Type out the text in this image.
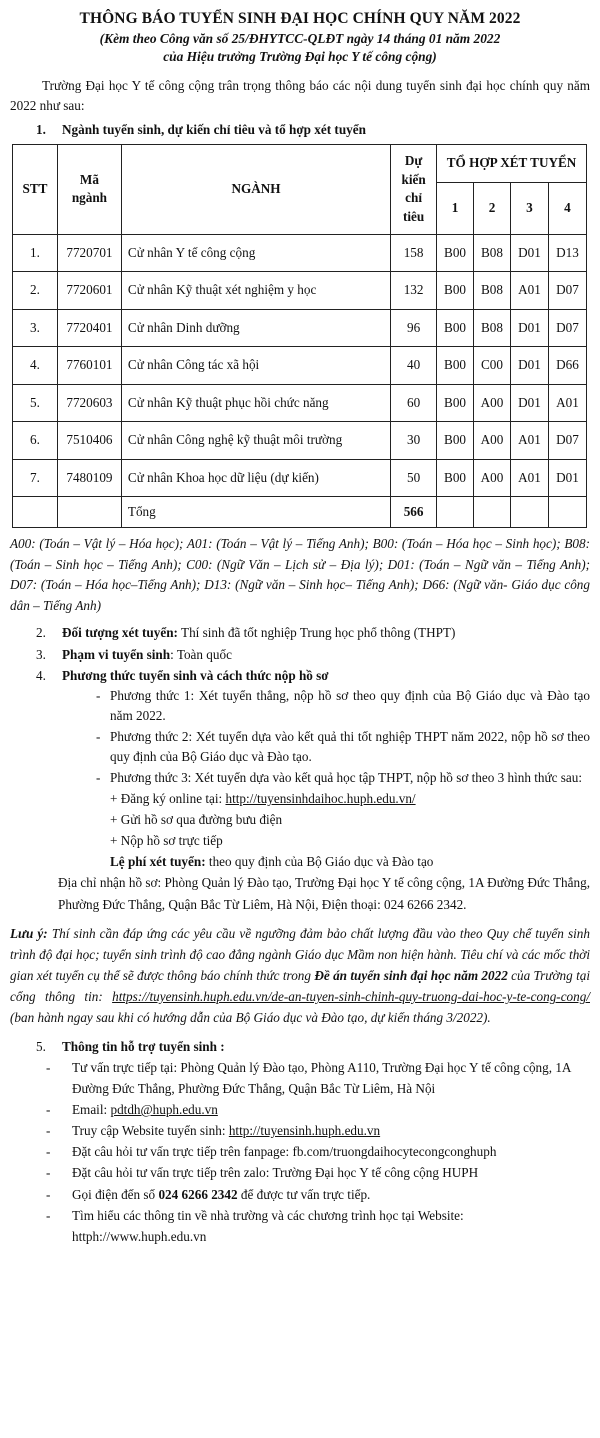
THÔNG BÁO TUYỂN SINH ĐẠI HỌC CHÍNH QUY NĂM 2022
(Kèm theo Công văn số 25/ĐHYTCC-QLĐT ngày 14 tháng 01 năm 2022
của Hiệu trưởng Trường Đại học Y tế công cộng)
Trường Đại học Y tế công cộng trân trọng thông báo các nội dung tuyển sinh đại học chính quy năm 2022 như sau:
1. Ngành tuyển sinh, dự kiến chỉ tiêu và tổ hợp xét tuyển
STT	Mã ngành	NGÀNH	Dự kiến chỉ tiêu	TỔ HỢP XÉT TUYỂN			
				1	2	3	4
1.	7720701	Cử nhân Y tế công cộng	158	B00	B08	D01	D13
2.	7720601	Cử nhân Kỹ thuật xét nghiệm y học	132	B00	B08	A01	D07
3.	7720401	Cử nhân Dinh dưỡng	96	B00	B08	D01	D07
4.	7760101	Cử nhân Công tác xã hội	40	B00	C00	D01	D66
5.	7720603	Cử nhân Kỹ thuật phục hồi chức năng	60	B00	A00	D01	A01
6.	7510406	Cử nhân Công nghệ kỹ thuật môi trường	30	B00	A00	A01	D07
7.	7480109	Cử nhân Khoa học dữ liệu (dự kiến)	50	B00	A00	A01	D01
		Tổng	566				
A00: (Toán – Vật lý – Hóa học); A01: (Toán – Vật lý – Tiếng Anh); B00: (Toán – Hóa học – Sinh học); B08: (Toán – Sinh học – Tiếng Anh); C00: (Ngữ Văn – Lịch sử – Địa lý); D01: (Toán – Ngữ văn – Tiếng Anh); D07: (Toán – Hóa học–Tiếng Anh); D13: (Ngữ văn – Sinh học– Tiếng Anh); D66: (Ngữ văn- Giáo dục công dân – Tiếng Anh)
2. Đối tượng xét tuyển: Thí sinh đã tốt nghiệp Trung học phổ thông (THPT)
3. Phạm vi tuyển sinh: Toàn quốc
4. Phương thức tuyển sinh và cách thức nộp hồ sơ
- Phương thức 1: Xét tuyển thẳng, nộp hồ sơ theo quy định của Bộ Giáo dục và Đào tạo năm 2022.
- Phương thức 2: Xét tuyển dựa vào kết quả thi tốt nghiệp THPT năm 2022, nộp hồ sơ theo quy định của Bộ Giáo dục và Đào tạo.
- Phương thức 3: Xét tuyển dựa vào kết quả học tập THPT, nộp hồ sơ theo 3 hình thức sau:
+ Đăng ký online tại: http://tuyensinhdaihoc.huph.edu.vn/
+ Gửi hồ sơ qua đường bưu điện
+ Nộp hồ sơ trực tiếp
Lệ phí xét tuyển: theo quy định của Bộ Giáo dục và Đào tạo
Địa chỉ nhận hồ sơ: Phòng Quản lý Đào tạo, Trường Đại học Y tế công cộng, 1A Đường Đức Thắng, Phường Đức Thắng, Quận Bắc Từ Liêm, Hà Nội, Điện thoại: 024 6266 2342.
Lưu ý: Thí sinh cần đáp ứng các yêu cầu về ngưỡng đảm bảo chất lượng đầu vào theo Quy chế tuyển sinh trình độ đại học; tuyển sinh trình độ cao đẳng ngành Giáo dục Mầm non hiện hành. Tiêu chí và các mốc thời gian xét tuyển cụ thể sẽ được thông báo chính thức trong Đề án tuyển sinh đại học năm 2022 của Trường tại cổng thông tin: https://tuyensinh.huph.edu.vn/de-an-tuyen-sinh-chinh-quy-truong-dai-hoc-y-te-cong-cong/ (ban hành ngay sau khi có hướng dẫn của Bộ Giáo dục và Đào tạo, dự kiến tháng 3/2022).
5. Thông tin hỗ trợ tuyển sinh :
- Tư vấn trực tiếp tại: Phòng Quản lý Đào tạo, Phòng A110, Trường Đại học Y tế công cộng, 1A Đường Đức Thắng, Phường Đức Thắng, Quận Bắc Từ Liêm, Hà Nội
- Email: pdtdh@huph.edu.vn
- Truy cập Website tuyển sinh: http://tuyensinh.huph.edu.vn
- Đặt câu hỏi tư vấn trực tiếp trên fanpage: fb.com/truongdaihocytecongconghuph
- Đặt câu hỏi tư vấn trực tiếp trên zalo: Trường Đại học Y tế công cộng HUPH
- Gọi điện đến số 024 6266 2342 để được tư vấn trực tiếp.
- Tìm hiểu các thông tin về nhà trường và các chương trình học tại Website: httph://www.huph.edu.vn
